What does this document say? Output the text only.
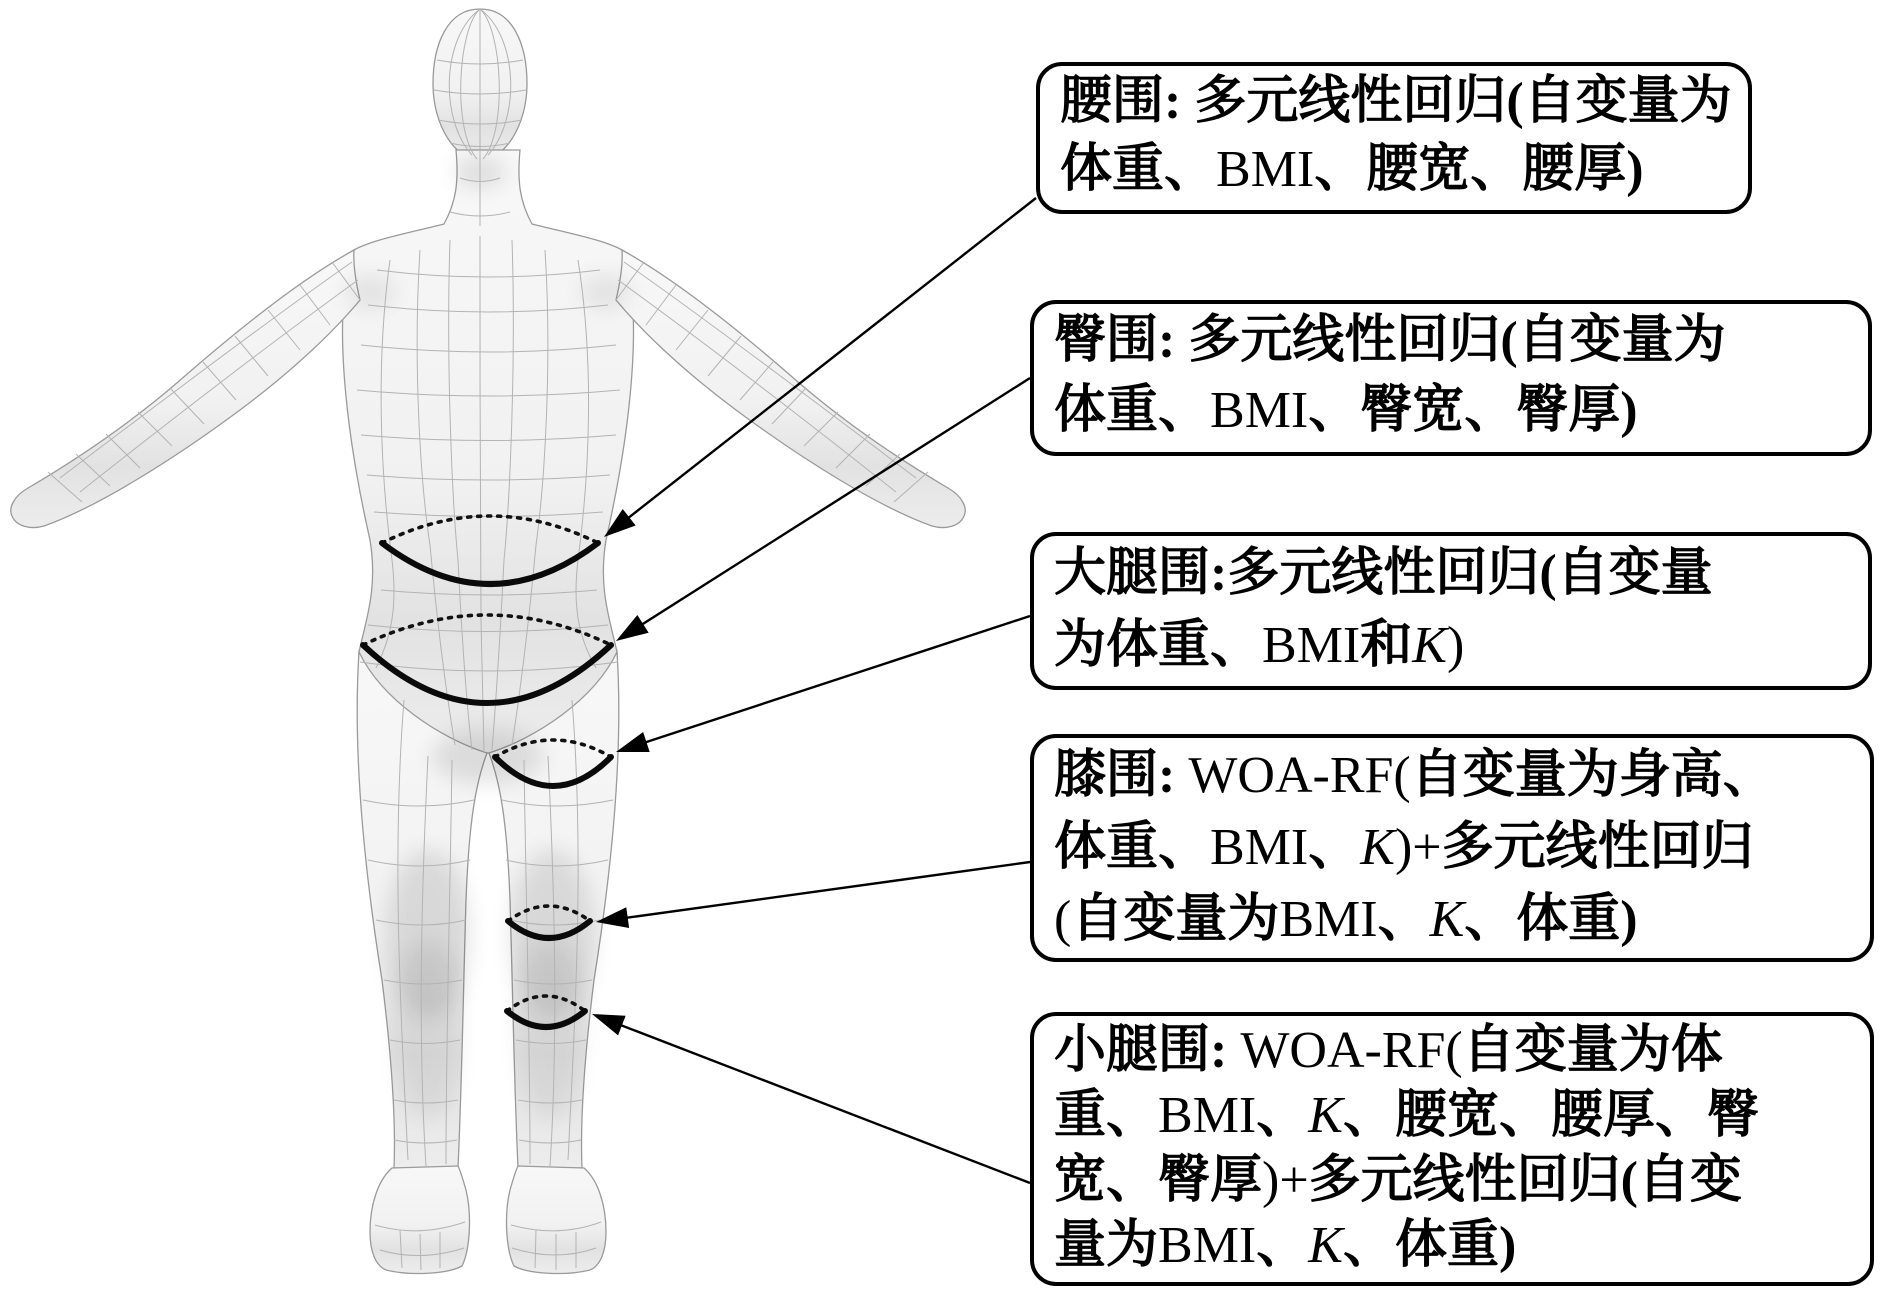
腰围: 多元线性回归(自变量为
体重、BMI、腰宽、腰厚)
臀围: 多元线性回归(自变量为
体重、BMI、臀宽、臀厚)
大腿围:多元线性回归(自变量
为体重、BMI和K)
膝围: WOA-RF(自变量为身高、
体重、BMI、K)+多元线性回归
(自变量为BMI、K、体重)
小腿围: WOA-RF(自变量为体
重、BMI、K、腰宽、腰厚、臀
宽、臀厚)+多元线性回归(自变
量为BMI、K、体重)
